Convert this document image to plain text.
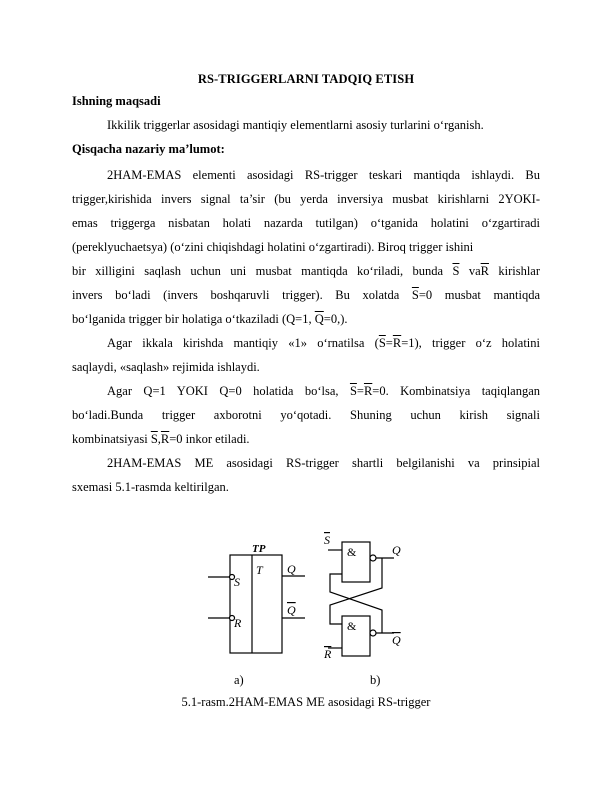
RS-TRIGGERLARNI TADQIQ ETISH
Ishning maqsadi
Ikkilik triggerlar asosidagi mantiqiy elementlarni asosiy turlarini o‘rganish.
Qisqacha nazariy ma’lumot:
2HAM-EMAS elementi asosidagi RS-trigger teskari mantiqda ishlaydi. Bu
trigger,kirishida invers signal ta’sir (bu yerda inversiya musbat kirishlarni 2YOKI-
emas triggerga nisbatan holati nazarda tutilgan) o‘tganida holatini o‘zgartiradi
(pereklyuchaetsya) (o‘zini chiqishdagi holatini o‘zgartiradi). Biroq trigger ishini
bir xilligini saqlash uchun uni musbat mantiqda ko‘riladi, bunda $\overline{S}$ $va\overline{R}$ kirishlar
invers bo‘ladi (invers boshqaruvli trigger). Bu xolatda $\overline{S}=0$ musbat mantiqda
bo‘lganida trigger bir holatiga o‘tkaziladi (Q=1, $\overline{Q}=0$,).
Agar ikkala kirishda mantiqiy «1» o‘rnatilsa $(\overline{S}=\overline{R}=1)$, trigger o‘z holatini
saqlaydi, «saqlash» rejimida ishlaydi.
Agar Q=1 YOKI Q=0 holatida bo‘lsa, $\overline{S}=\overline{R}=0$. Kombinatsiya taqiqlangan
bo‘ladi.Bunda trigger axborotni yo‘qotadi. Shuning uchun kirish signali
kombinatsiyasi $\overline{S},\overline{R}=0$ inkor etiladi.
2HAM-EMAS ME asosidagi RS-trigger shartli belgilanishi va prinsipial
sxemasi 5.1-rasmda keltirilgan.
TP
T
S
R
Q
Q
&
&
S
R
Q
Q
a)	b)
5.1-rasm.2HAM-EMAS ME asosidagi RS-trigger
